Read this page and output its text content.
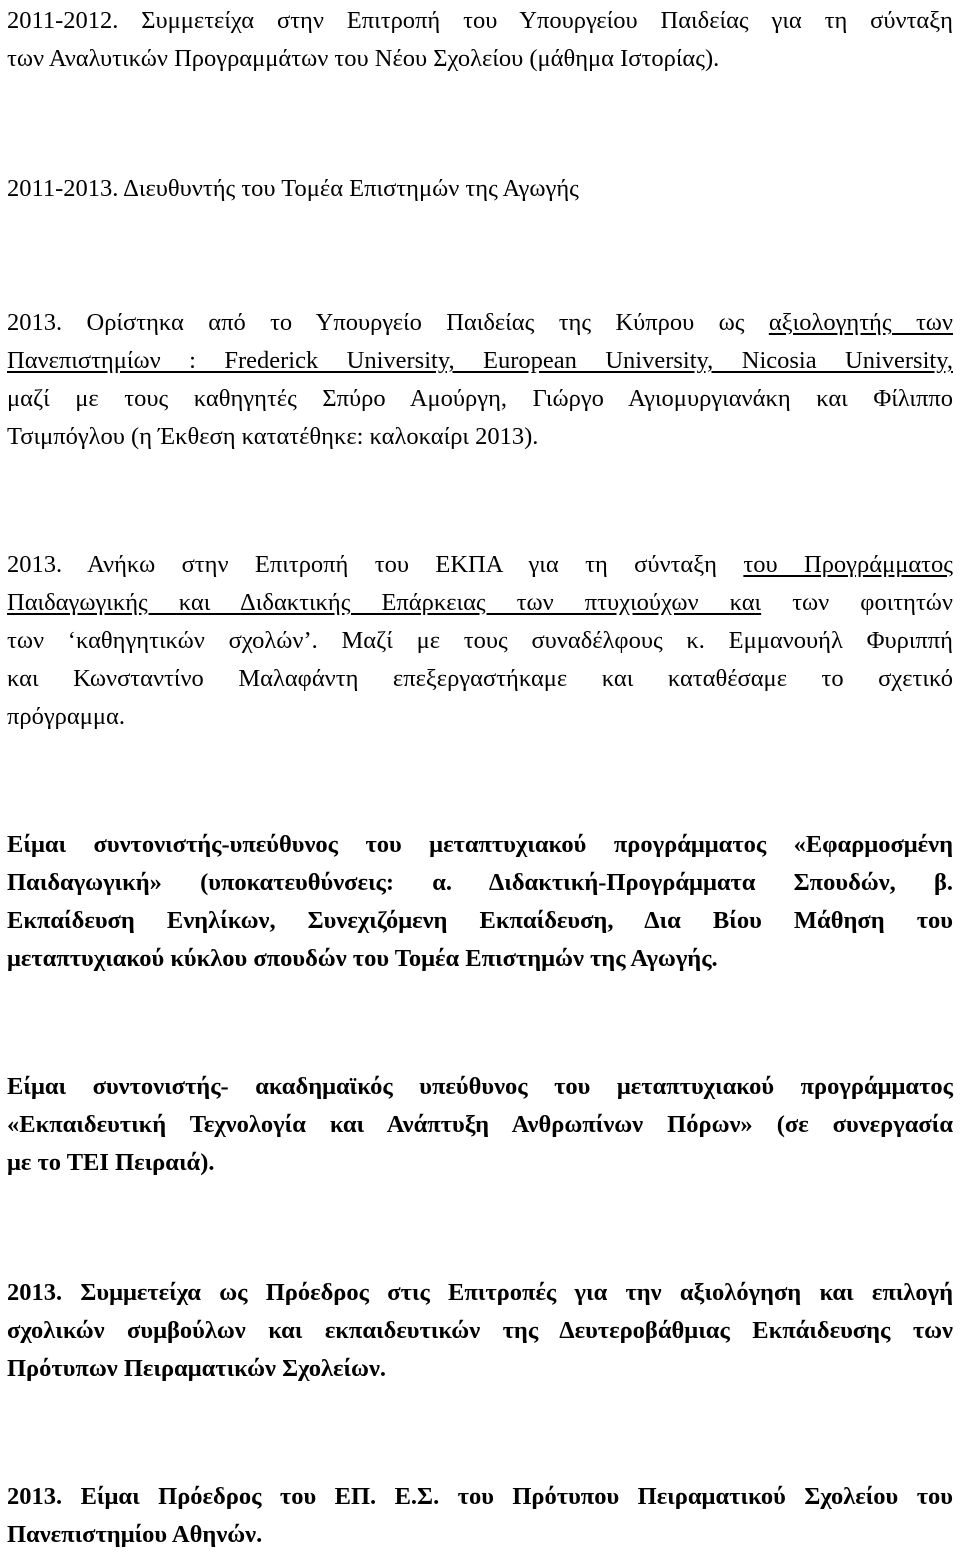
2011-2012. Συμμετείχα στην Επιτροπή του Υπουργείου Παιδείας για τη σύνταξη
των Αναλυτικών Προγραμμάτων του Νέου Σχολείου (μάθημα Ιστορίας).
2011-2013. Διευθυντής του Τομέα Επιστημών της Αγωγής
2013. Ορίστηκα από το Υπουργείο Παιδείας της Κύπρου ως αξιολογητής των
Πανεπιστημίων : Frederick University, European University, Nicosia University,
μαζί με τους καθηγητές Σπύρο Αμούργη, Γιώργο Αγιομυργιανάκη και Φίλιππο
Τσιμπόγλου (η Έκθεση κατατέθηκε: καλοκαίρι 2013).
2013. Ανήκω στην Επιτροπή του ΕΚΠΑ για τη σύνταξη του Προγράμματος
Παιδαγωγικής και Διδακτικής Επάρκειας των πτυχιούχων και των φοιτητών
των ‘καθηγητικών σχολών’. Μαζί με τους συναδέλφους κ. Εμμανουήλ Φυριππή
και Κωνσταντίνο Μαλαφάντη επεξεργαστήκαμε και καταθέσαμε το σχετικό
πρόγραμμα.
Είμαι συντονιστής-υπεύθυνος του μεταπτυχιακού προγράμματος «Εφαρμοσμένη
Παιδαγωγική» (υποκατευθύνσεις: α. Διδακτική-Προγράμματα Σπουδών, β.
Εκπαίδευση Ενηλίκων, Συνεχιζόμενη Εκπαίδευση, Δια Βίου Μάθηση του
μεταπτυχιακού κύκλου σπουδών του Τομέα Επιστημών της Αγωγής.
Είμαι συντονιστής- ακαδημαϊκός υπεύθυνος του μεταπτυχιακού προγράμματος
«Εκπαιδευτική Τεχνολογία και Ανάπτυξη Ανθρωπίνων Πόρων» (σε συνεργασία
με το ΤΕΙ Πειραιά).
2013. Συμμετείχα ως Πρόεδρος στις Επιτροπές για την αξιολόγηση και επιλογή
σχολικών συμβούλων και εκπαιδευτικών της Δευτεροβάθμιας Εκπάιδευσης των
Πρότυπων Πειραματικών Σχολείων.
2013. Είμαι Πρόεδρος του ΕΠ. Ε.Σ. του Πρότυπου Πειραματικού Σχολείου του
Πανεπιστημίου Αθηνών.
